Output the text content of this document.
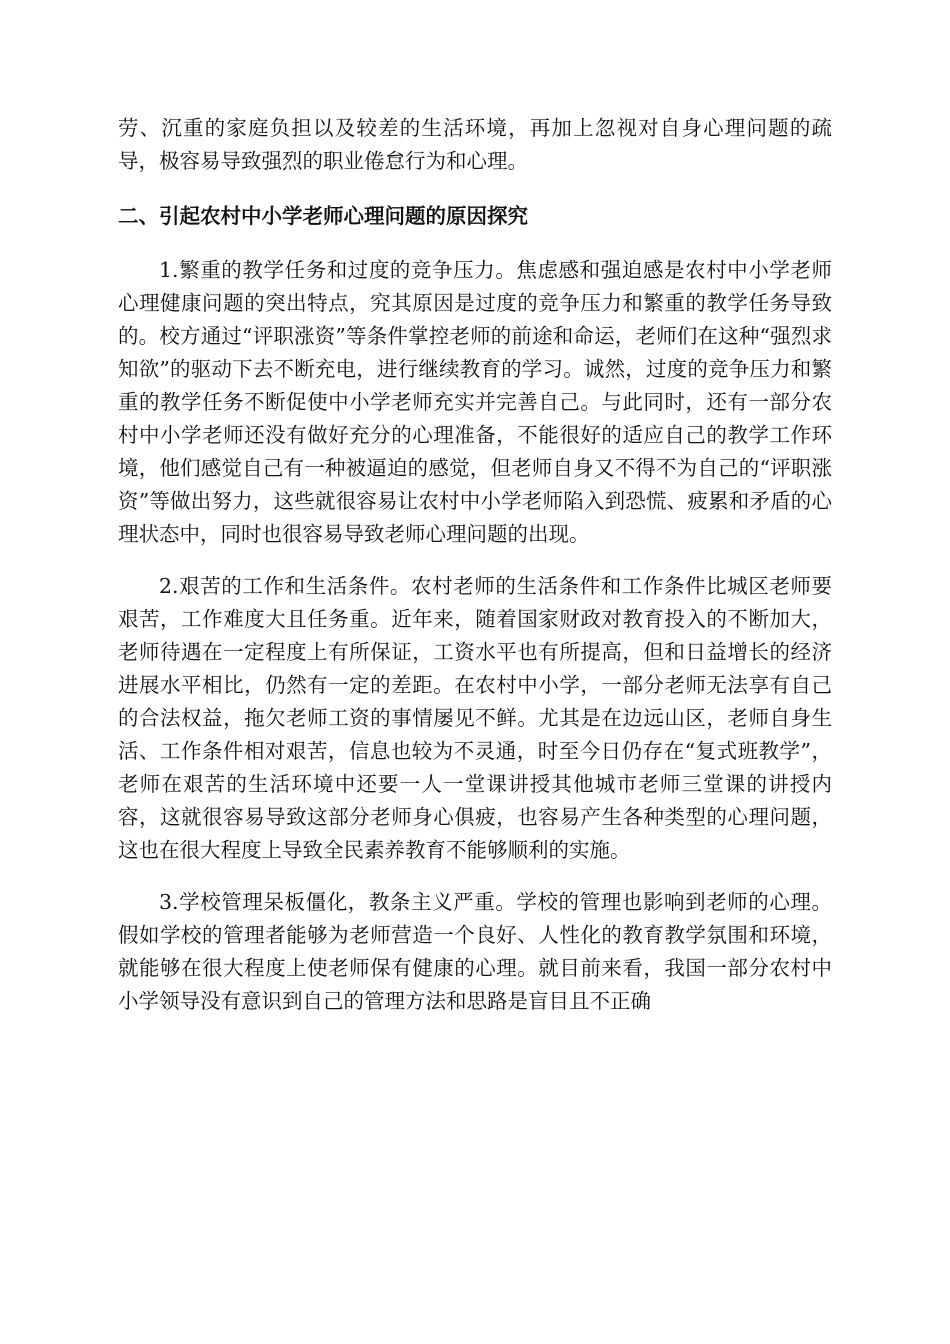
劳、沉重的家庭负担以及较差的生活环境，再加上忽视对自身心理问题的疏导，极容易导致强烈的职业倦怠行为和心理。

二、引起农村中小学老师心理问题的原因探究

1.繁重的教学任务和过度的竞争压力。焦虑感和强迫感是农村中小学老师心理健康问题的突出特点，究其原因是过度的竞争压力和繁重的教学任务导致的。校方通过“评职涨资”等条件掌控老师的前途和命运，老师们在这种“强烈求知欲”的驱动下去不断充电，进行继续教育的学习。诚然，过度的竞争压力和繁重的教学任务不断促使中小学老师充实并完善自己。与此同时，还有一部分农村中小学老师还没有做好充分的心理准备，不能很好的适应自己的教学工作环境，他们感觉自己有一种被逼迫的感觉，但老师自身又不得不为自己的“评职涨资”等做出努力，这些就很容易让农村中小学老师陷入到恐慌、疲累和矛盾的心理状态中，同时也很容易导致老师心理问题的出现。

2.艰苦的工作和生活条件。农村老师的生活条件和工作条件比城区老师要艰苦，工作难度大且任务重。近年来，随着国家财政对教育投入的不断加大，老师待遇在一定程度上有所保证，工资水平也有所提高，但和日益增长的经济进展水平相比，仍然有一定的差距。在农村中小学，一部分老师无法享有自己的合法权益，拖欠老师工资的事情屡见不鲜。尤其是在边远山区，老师自身生活、工作条件相对艰苦，信息也较为不灵通，时至今日仍存在“复式班教学”，老师在艰苦的生活环境中还要一人一堂课讲授其他城市老师三堂课的讲授内容，这就很容易导致这部分老师身心俱疲，也容易产生各种类型的心理问题，这也在很大程度上导致全民素养教育不能够顺利的实施。

3.学校管理呆板僵化，教条主义严重。学校的管理也影响到老师的心理。假如学校的管理者能够为老师营造一个良好、人性化的教育教学氛围和环境，就能够在很大程度上使老师保有健康的心理。就目前来看，我国一部分农村中小学领导没有意识到自己的管理方法和思路是盲目且不正确
